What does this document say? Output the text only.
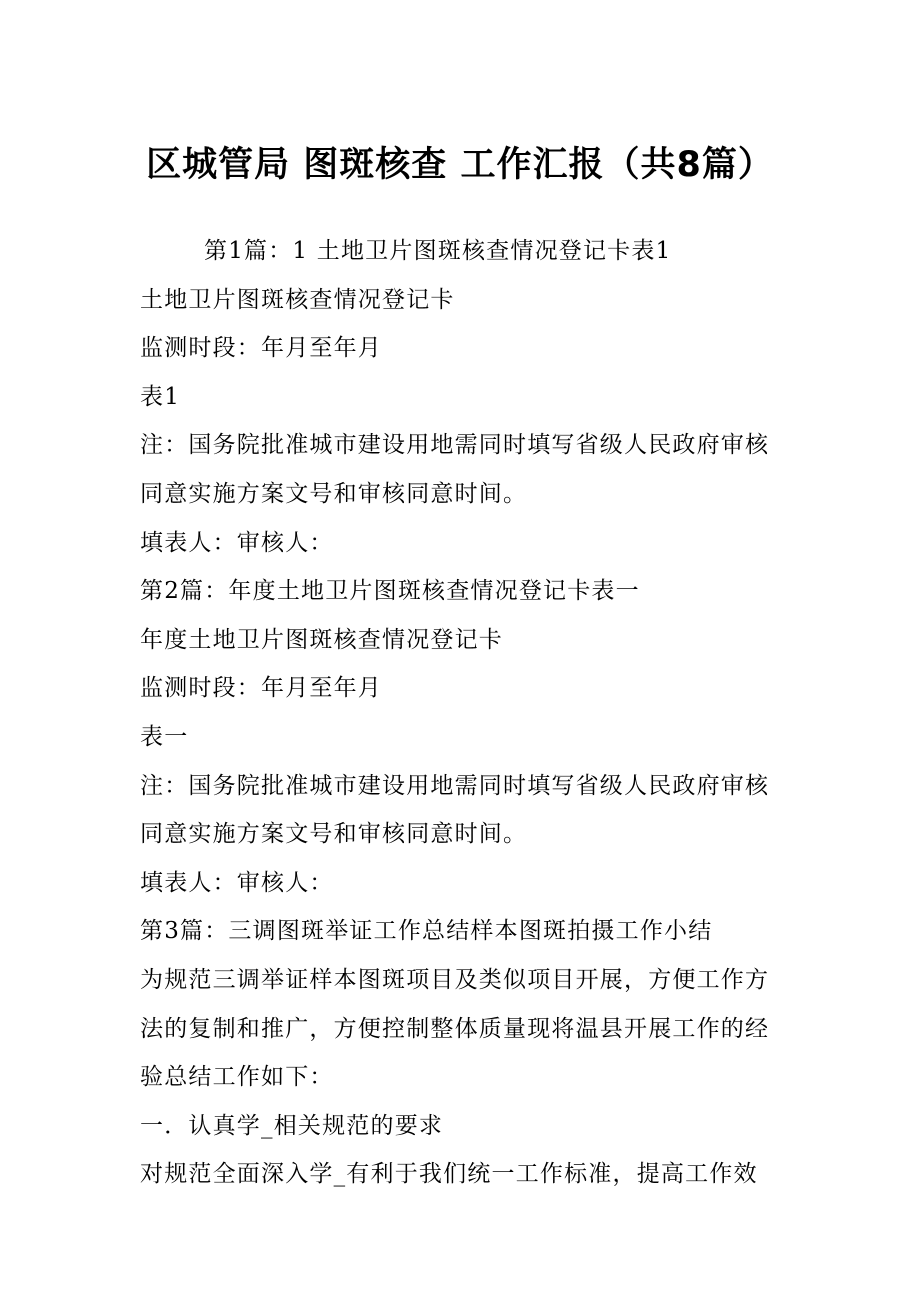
区城管局 图斑核查 工作汇报（共8篇）
第1篇：1 土地卫片图斑核查情况登记卡表1
土地卫片图斑核查情况登记卡
监测时段：年月至年月
表1
注：国务院批准城市建设用地需同时填写省级人民政府审核
同意实施方案文号和审核同意时间。
填表人：审核人：
第2篇：年度土地卫片图斑核查情况登记卡表一
年度土地卫片图斑核查情况登记卡
监测时段：年月至年月
表一
注：国务院批准城市建设用地需同时填写省级人民政府审核
同意实施方案文号和审核同意时间。
填表人：审核人：
第3篇：三调图斑举证工作总结样本图斑拍摄工作小结
为规范三调举证样本图斑项目及类似项目开展，方便工作方
法的复制和推广，方便控制整体质量现将温县开展工作的经
验总结工作如下：
一．认真学_相关规范的要求
对规范全面深入学_有利于我们统一工作标准，提高工作效
